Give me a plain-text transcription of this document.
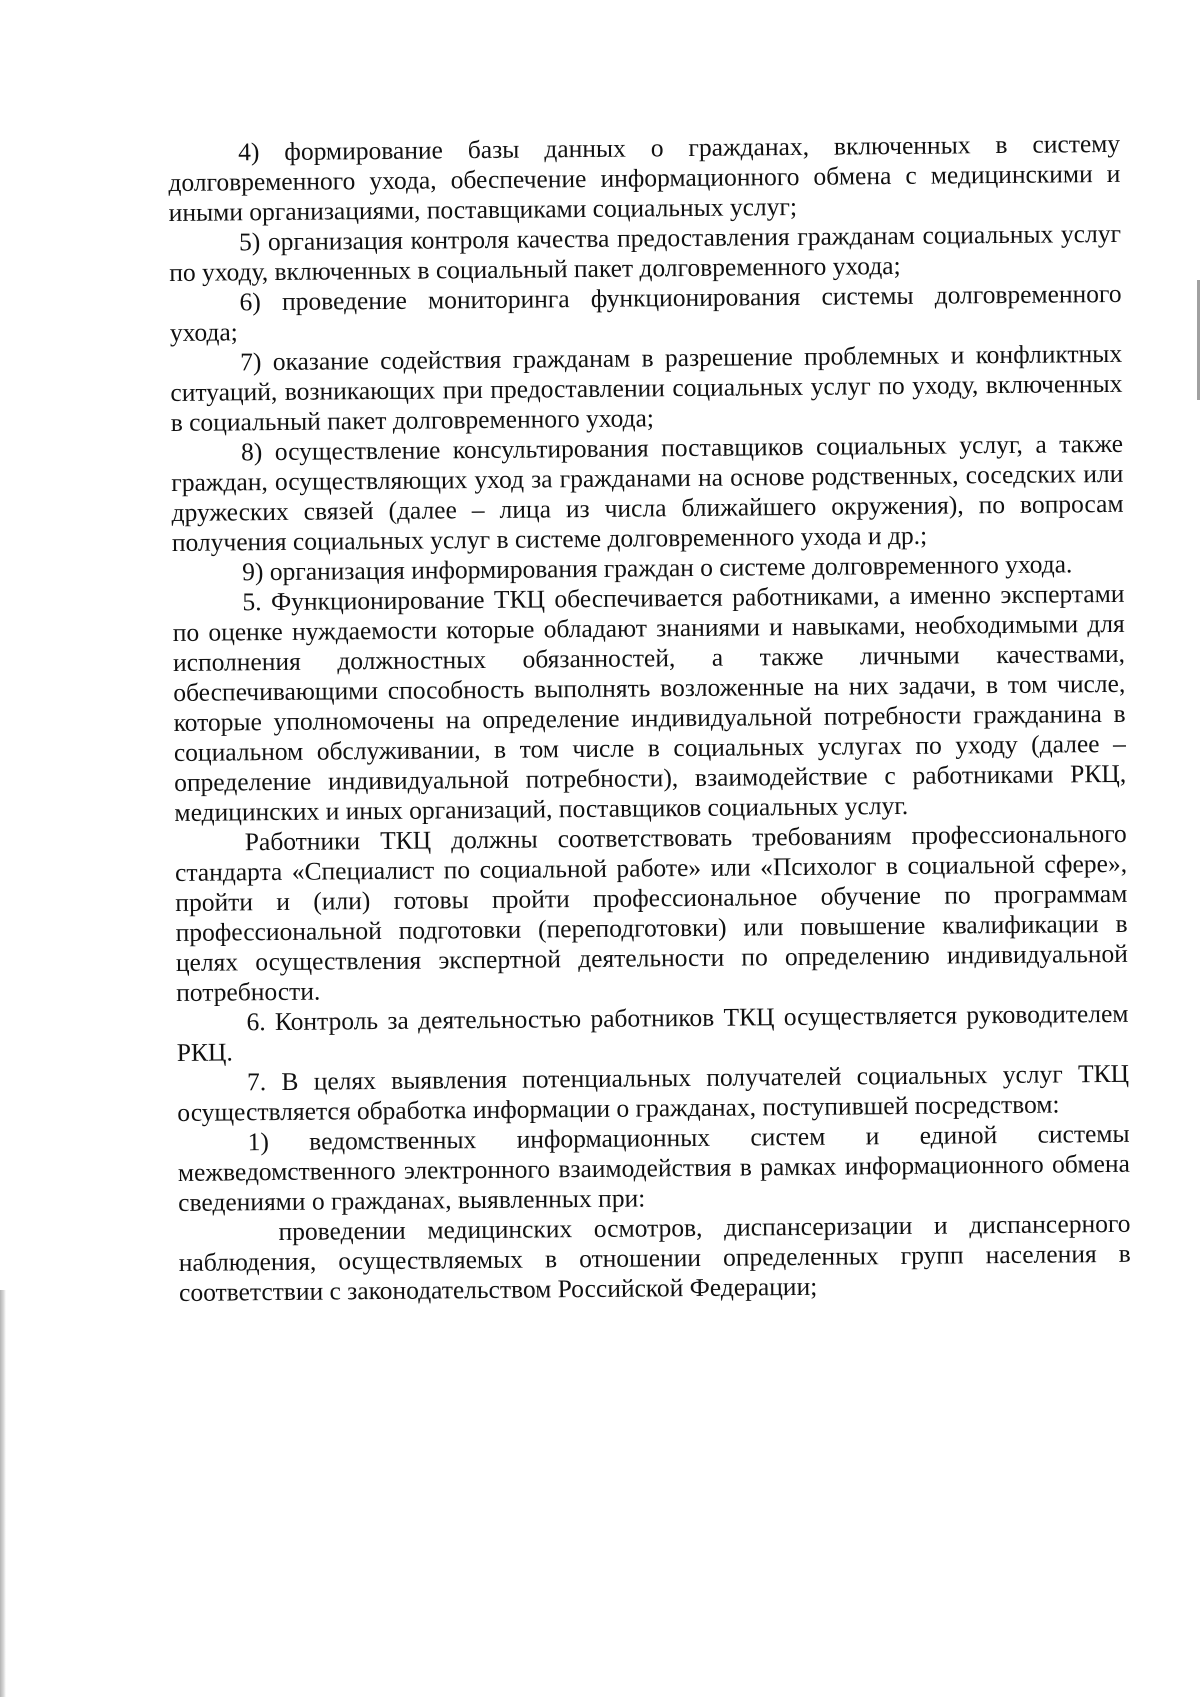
4) формирование базы данных о гражданах, включенных в систему долговременного ухода, обеспечение информационного обмена с медицинскими и иными организациями, поставщиками социальных услуг;

5) организация контроля качества предоставления гражданам социальных услуг по уходу, включенных в социальный пакет долговременного ухода;

6) проведение мониторинга функционирования системы долговременного ухода;

7) оказание содействия гражданам в разрешение проблемных и конфликтных ситуаций, возникающих при предоставлении социальных услуг по уходу, включенных в социальный пакет долговременного ухода;

8) осуществление консультирования поставщиков социальных услуг, а также граждан, осуществляющих уход за гражданами на основе родственных, соседских или дружеских связей (далее – лица из числа ближайшего окружения), по вопросам получения социальных услуг в системе долговременного ухода и др.;

9) организация информирования граждан о системе долговременного ухода.

5. Функционирование ТКЦ обеспечивается работниками, а именно экспертами по оценке нуждаемости которые обладают знаниями и навыками, необходимыми для исполнения должностных обязанностей, а также личными качествами, обеспечивающими способность выполнять возложенные на них задачи, в том числе, которые уполномочены на определение индивидуальной потребности гражданина в социальном обслуживании, в том числе в социальных услугах по уходу (далее – определение индивидуальной потребности), взаимодействие с работниками РКЦ, медицинских и иных организаций, поставщиков социальных услуг.

Работники ТКЦ должны соответствовать требованиям профессионального стандарта «Специалист по социальной работе» или «Психолог в социальной сфере», пройти и (или) готовы пройти профессиональное обучение по программам профессиональной подготовки (переподготовки) или повышение квалификации в целях осуществления экспертной деятельности по определению индивидуальной потребности.

6. Контроль за деятельностью работников ТКЦ осуществляется руководителем РКЦ.

7. В целях выявления потенциальных получателей социальных услуг ТКЦ осуществляется обработка информации о гражданах, поступившей посредством:

1) ведомственных информационных систем и единой системы межведомственного электронного взаимодействия в рамках информационного обмена сведениями о гражданах, выявленных при:

проведении медицинских осмотров, диспансеризации и диспансерного наблюдения, осуществляемых в отношении определенных групп населения в соответствии с законодательством Российской Федерации;
